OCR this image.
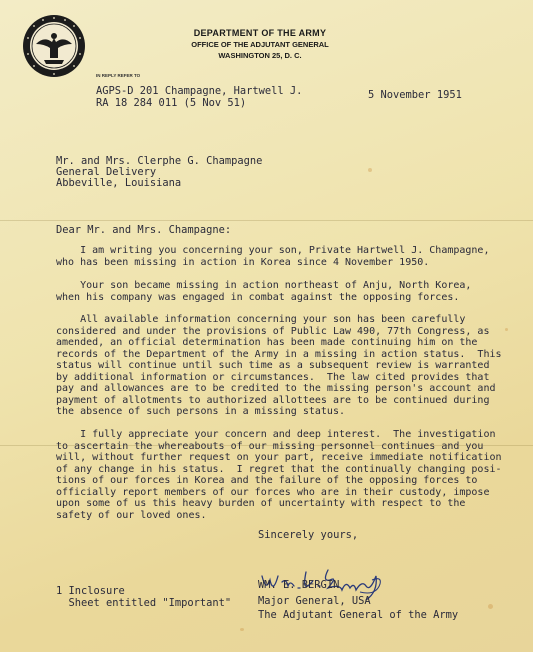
DEPARTMENT OF THE ARMY
OFFICE OF THE ADJUTANT GENERAL
WASHINGTON 25, D. C.
IN REPLY REFER TO
AGPS-D 201 Champagne, Hartwell J.
RA 18 284 011 (5 Nov 51)
5 November 1951
Mr. and Mrs. Clerphe G. Champagne
General Delivery
Abbeville, Louisiana
Dear Mr. and Mrs. Champagne:
I am writing you concerning your son, Private Hartwell J. Champagne,
who has been missing in action in Korea since 4 November 1950.
Your son became missing in action northeast of Anju, North Korea,
when his company was engaged in combat against the opposing forces.
All available information concerning your son has been carefully
considered and under the provisions of Public Law 490, 77th Congress, as
amended, an official determination has been made continuing him on the
records of the Department of the Army in a missing in action status.  This
status will continue until such time as a subsequent review is warranted
by additional information or circumstances.  The law cited provides that
pay and allowances are to be credited to the missing person's account and
payment of allotments to authorized allottees are to be continued during
the absence of such persons in a missing status.
I fully appreciate your concern and deep interest.  The investigation
to ascertain the whereabouts of our missing personnel continues and you
will, without further request on your part, receive immediate notification
of any change in his status.  I regret that the continually changing posi-
tions of our forces in Korea and the failure of the opposing forces to
officially report members of our forces who are in their custody, impose
upon some of us this heavy burden of uncertainty with respect to the
safety of our loved ones.
Sincerely yours,
WM. E. BERGIN
Major General, USA
The Adjutant General of the Army
1 Inclosure
Sheet entitled "Important"
